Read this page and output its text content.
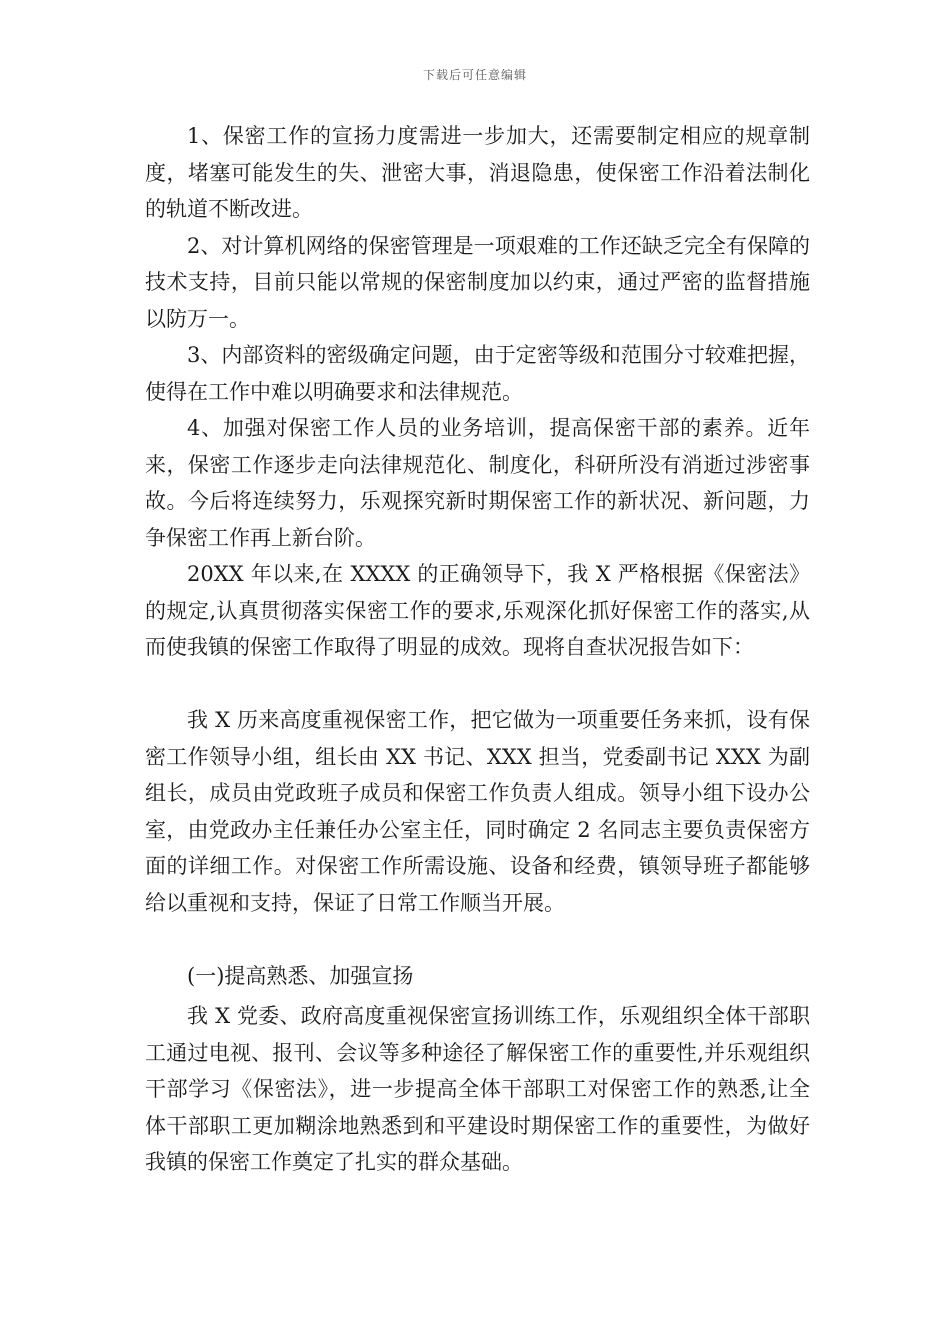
下载后可任意编辑

1、保密工作的宣扬力度需进一步加大，还需要制定相应的规章制度，堵塞可能发生的失、泄密大事，消退隐患，使保密工作沿着法制化的轨道不断改进。

2、对计算机网络的保密管理是一项艰难的工作还缺乏完全有保障的技术支持，目前只能以常规的保密制度加以约束，通过严密的监督措施以防万一。

3、内部资料的密级确定问题，由于定密等级和范围分寸较难把握，使得在工作中难以明确要求和法律规范。

4、加强对保密工作人员的业务培训，提高保密干部的素养。近年来，保密工作逐步走向法律规范化、制度化，科研所没有消逝过涉密事故。今后将连续努力，乐观探究新时期保密工作的新状况、新问题，力争保密工作再上新台阶。

20XX 年以来,在 XXXX 的正确领导下，我 X 严格根据《保密法》的规定,认真贯彻落实保密工作的要求,乐观深化抓好保密工作的落实,从而使我镇的保密工作取得了明显的成效。现将自查状况报告如下：

我 X 历来高度重视保密工作，把它做为一项重要任务来抓，设有保密工作领导小组，组长由 XX 书记、XXX 担当，党委副书记 XXX 为副组长，成员由党政班子成员和保密工作负责人组成。领导小组下设办公室，由党政办主任兼任办公室主任，同时确定 2 名同志主要负责保密方面的详细工作。对保密工作所需设施、设备和经费，镇领导班子都能够给以重视和支持，保证了日常工作顺当开展。

(一)提高熟悉、加强宣扬

我 X 党委、政府高度重视保密宣扬训练工作，乐观组织全体干部职工通过电视、报刊、会议等多种途径了解保密工作的重要性,并乐观组织干部学习《保密法》，进一步提高全体干部职工对保密工作的熟悉,让全体干部职工更加糊涂地熟悉到和平建设时期保密工作的重要性，为做好我镇的保密工作奠定了扎实的群众基础。
